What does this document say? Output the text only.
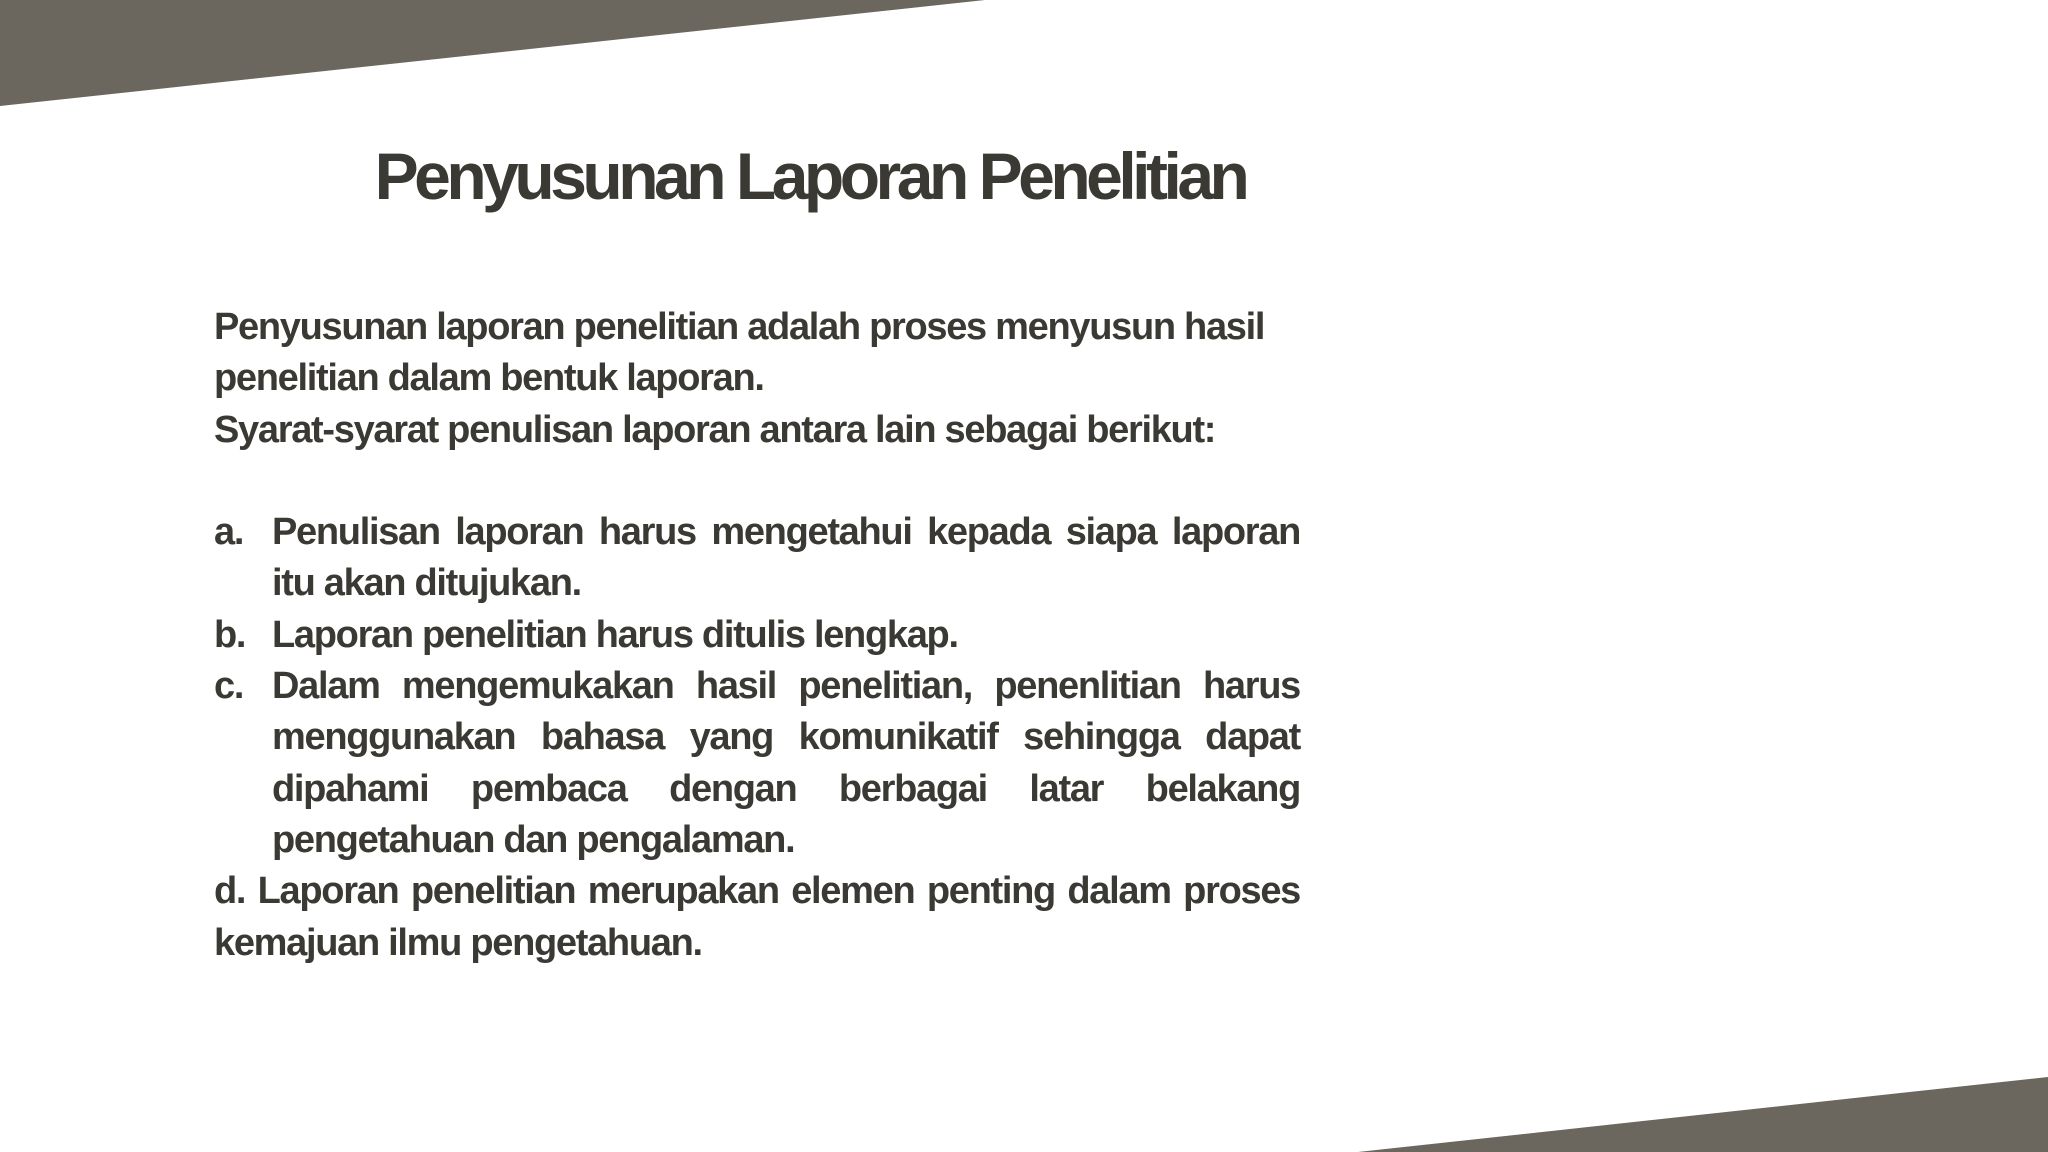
Penyusunan Laporan Penelitian

Penyusunan laporan penelitian adalah proses menyusun hasil penelitian dalam bentuk laporan.

Syarat-syarat penulisan laporan antara lain sebagai berikut:

a. Penulisan laporan harus mengetahui kepada siapa laporan itu akan ditujukan.
b. Laporan penelitian harus ditulis lengkap.
c. Dalam mengemukakan hasil penelitian, penenlitian harus menggunakan bahasa yang komunikatif sehingga dapat dipahami pembaca dengan berbagai latar belakang pengetahuan dan pengalaman.

d. Laporan penelitian merupakan elemen penting dalam proses kemajuan ilmu pengetahuan.
